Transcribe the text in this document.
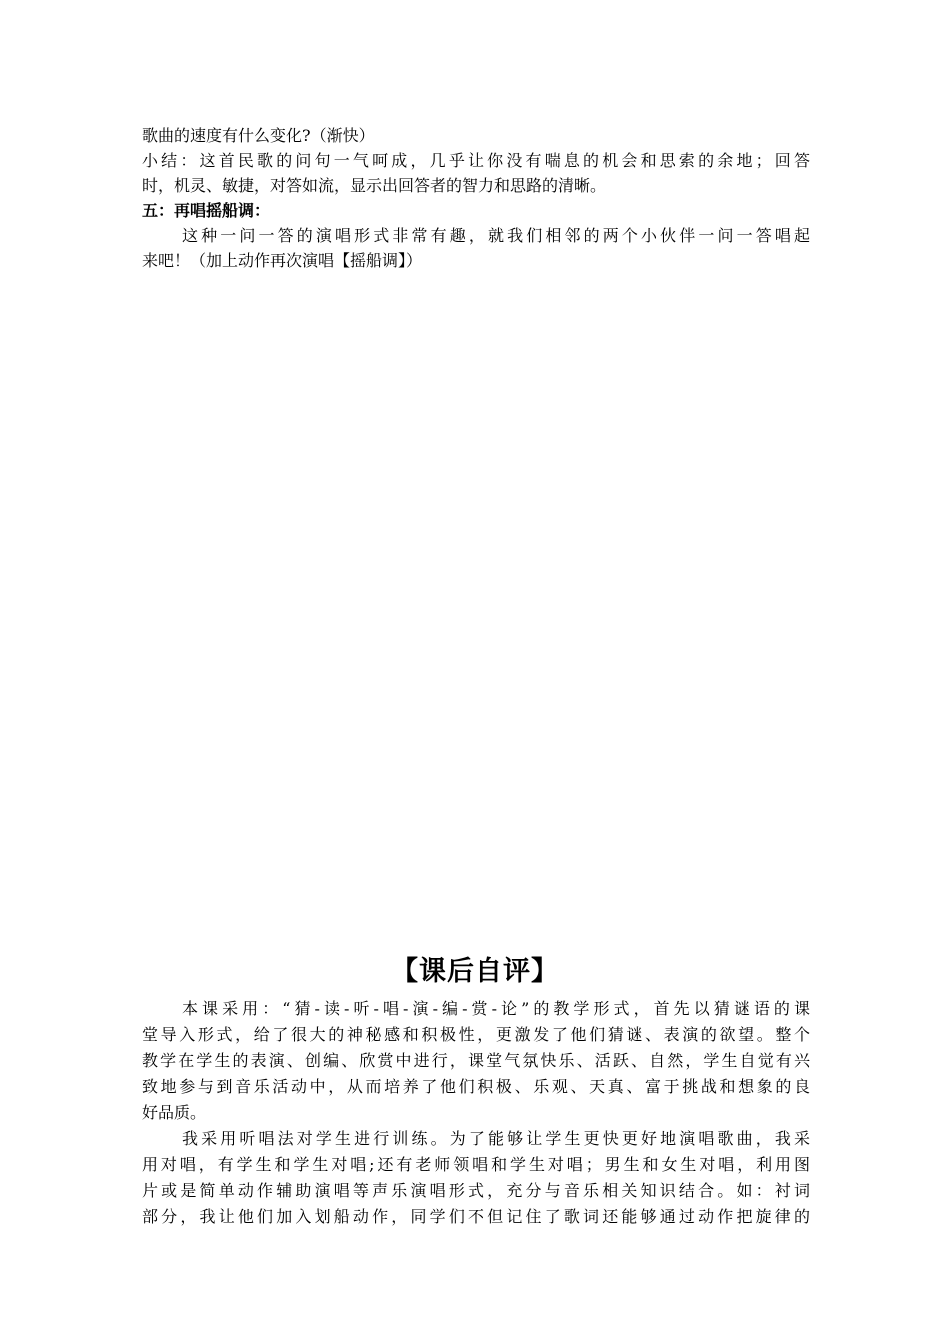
歌曲的速度有什么变化?（渐快）
小结：这首民歌的问句一气呵成，几乎让你没有喘息的机会和思索的余地；回答
时，机灵、敏捷，对答如流，显示出回答者的智力和思路的清晰。
五：再唱摇船调：
这种一问一答的演唱形式非常有趣，就我们相邻的两个小伙伴一问一答唱起
来吧！（加上动作再次演唱【摇船调】）
【课后自评】
本课采用：“猜-读-听-唱-演-编-赏-论”的教学形式，首先以猜谜语的课
堂导入形式，给了很大的神秘感和积极性，更激发了他们猜谜、表演的欲望。整个
教学在学生的表演、创编、欣赏中进行，课堂气氛快乐、活跃、自然，学生自觉有兴
致地参与到音乐活动中，从而培养了他们积极、乐观、天真、富于挑战和想象的良
好品质。
我采用听唱法对学生进行训练。为了能够让学生更快更好地演唱歌曲，我采
用对唱，有学生和学生对唱;还有老师领唱和学生对唱；男生和女生对唱，利用图
片或是简单动作辅助演唱等声乐演唱形式，充分与音乐相关知识结合。如：衬词
部分，我让他们加入划船动作，同学们不但记住了歌词还能够通过动作把旋律的
